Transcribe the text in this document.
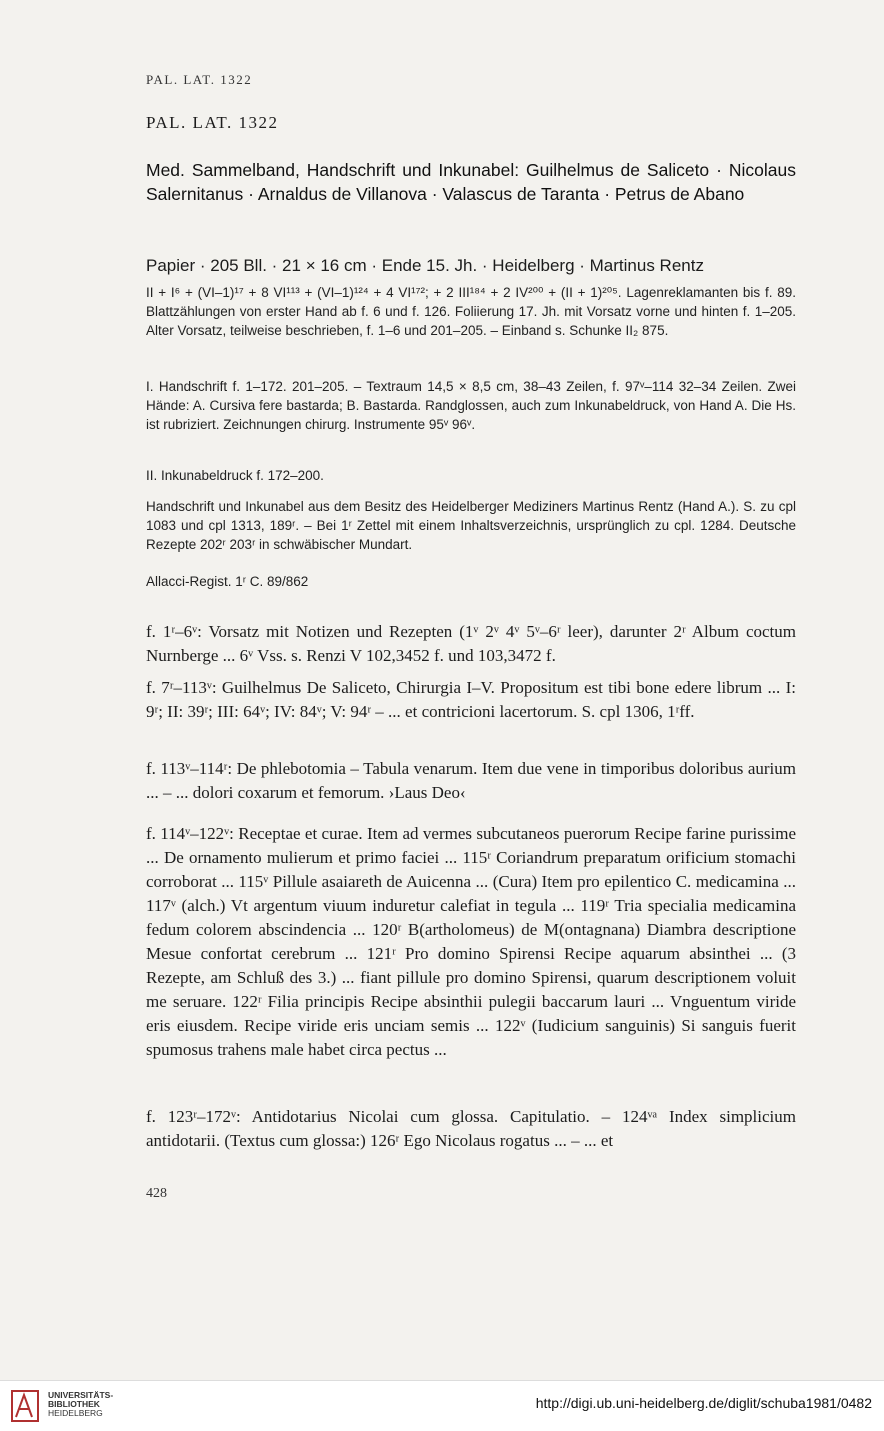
PAL. LAT. 1322
PAL. LAT. 1322
Med. Sammelband, Handschrift und Inkunabel: Guilhelmus de Saliceto · Nicolaus Salernitanus · Arnaldus de Villanova · Valascus de Taranta · Petrus de Abano
Papier · 205 Bll. · 21 × 16 cm · Ende 15. Jh. · Heidelberg · Martinus Rentz
II + I⁶ + (VI–1)¹⁷ + 8 VI¹¹³ + (VI–1)¹²⁴ + 4 VI¹⁷²; + 2 III¹⁸⁴ + 2 IV²⁰⁰ + (II + 1)²⁰⁵. Lagenreklamanten bis f. 89. Blattzählungen von erster Hand ab f. 6 und f. 126. Foliierung 17. Jh. mit Vorsatz vorne und hinten f. 1–205. Alter Vorsatz, teilweise beschrieben, f. 1–6 und 201–205. – Einband s. Schunke II₂ 875.
I. Handschrift f. 1–172. 201–205. – Textraum 14,5 × 8,5 cm, 38–43 Zeilen, f. 97ᵛ–114 32–34 Zeilen. Zwei Hände: A. Cursiva fere bastarda; B. Bastarda. Randglossen, auch zum Inkunabeldruck, von Hand A. Die Hs. ist rubriziert. Zeichnungen chirurg. Instrumente 95ᵛ 96ᵛ.
II. Inkunabeldruck f. 172–200.
Handschrift und Inkunabel aus dem Besitz des Heidelberger Mediziners Martinus Rentz (Hand A.). S. zu cpl 1083 und cpl 1313, 189ʳ. – Bei 1ʳ Zettel mit einem Inhaltsverzeichnis, ursprünglich zu cpl. 1284. Deutsche Rezepte 202ʳ 203ʳ in schwäbischer Mundart.
Allacci-Regist. 1ʳ C. 89/862
f. 1ʳ–6ᵛ: Vorsatz mit Notizen und Rezepten (1ᵛ 2ᵛ 4ᵛ 5ᵛ–6ʳ leer), darunter 2ʳ Album coctum Nurnberge ... 6ᵛ Vss. s. Renzi V 102,3452 f. und 103,3472 f.
f. 7ʳ–113ᵛ: Guilhelmus De Saliceto, Chirurgia I–V. Propositum est tibi bone edere librum ... I: 9ʳ; II: 39ʳ; III: 64ᵛ; IV: 84ᵛ; V: 94ʳ – ... et contricioni lacertorum. S. cpl 1306, 1ʳff.
f. 113ᵛ–114ʳ: De phlebotomia – Tabula venarum. Item due vene in timporibus doloribus aurium ... – ... dolori coxarum et femorum. ›Laus Deo‹
f. 114ᵛ–122ᵛ: Receptae et curae. Item ad vermes subcutaneos puerorum Recipe farine purissime ... De ornamento mulierum et primo faciei ... 115ʳ Coriandrum preparatum orificium stomachi corroborat ... 115ᵛ Pillule asaiareth de Auicenna ... (Cura) Item pro epilentico C. medicamina ... 117ᵛ (alch.) Vt argentum viuum induretur calefiat in tegula ... 119ʳ Tria specialia medicamina fedum colorem abscindencia ... 120ʳ B(artholomeus) de M(ontagnana) Diambra descriptione Mesue confortat cerebrum ... 121ʳ Pro domino Spirensi Recipe aquarum absinthei ... (3 Rezepte, am Schluß des 3.) ... fiant pillule pro domino Spirensi, quarum descriptionem voluit me seruare. 122ʳ Filia principis Recipe absinthii pulegii baccarum lauri ... Vnguentum viride eris eiusdem. Recipe viride eris unciam semis ... 122ᵛ (Iudicium sanguinis) Si sanguis fuerit spumosus trahens male habet circa pectus ...
f. 123ʳ–172ᵛ: Antidotarius Nicolai cum glossa. Capitulatio. – 124ᵛᵃ Index simplicium antidotarii. (Textus cum glossa:) 126ʳ Ego Nicolaus rogatus ... – ... et
428
UNIVERSITÄTS-
BIBLIOTHEK
HEIDELBERG
http://digi.ub.uni-heidelberg.de/diglit/schuba1981/0482
